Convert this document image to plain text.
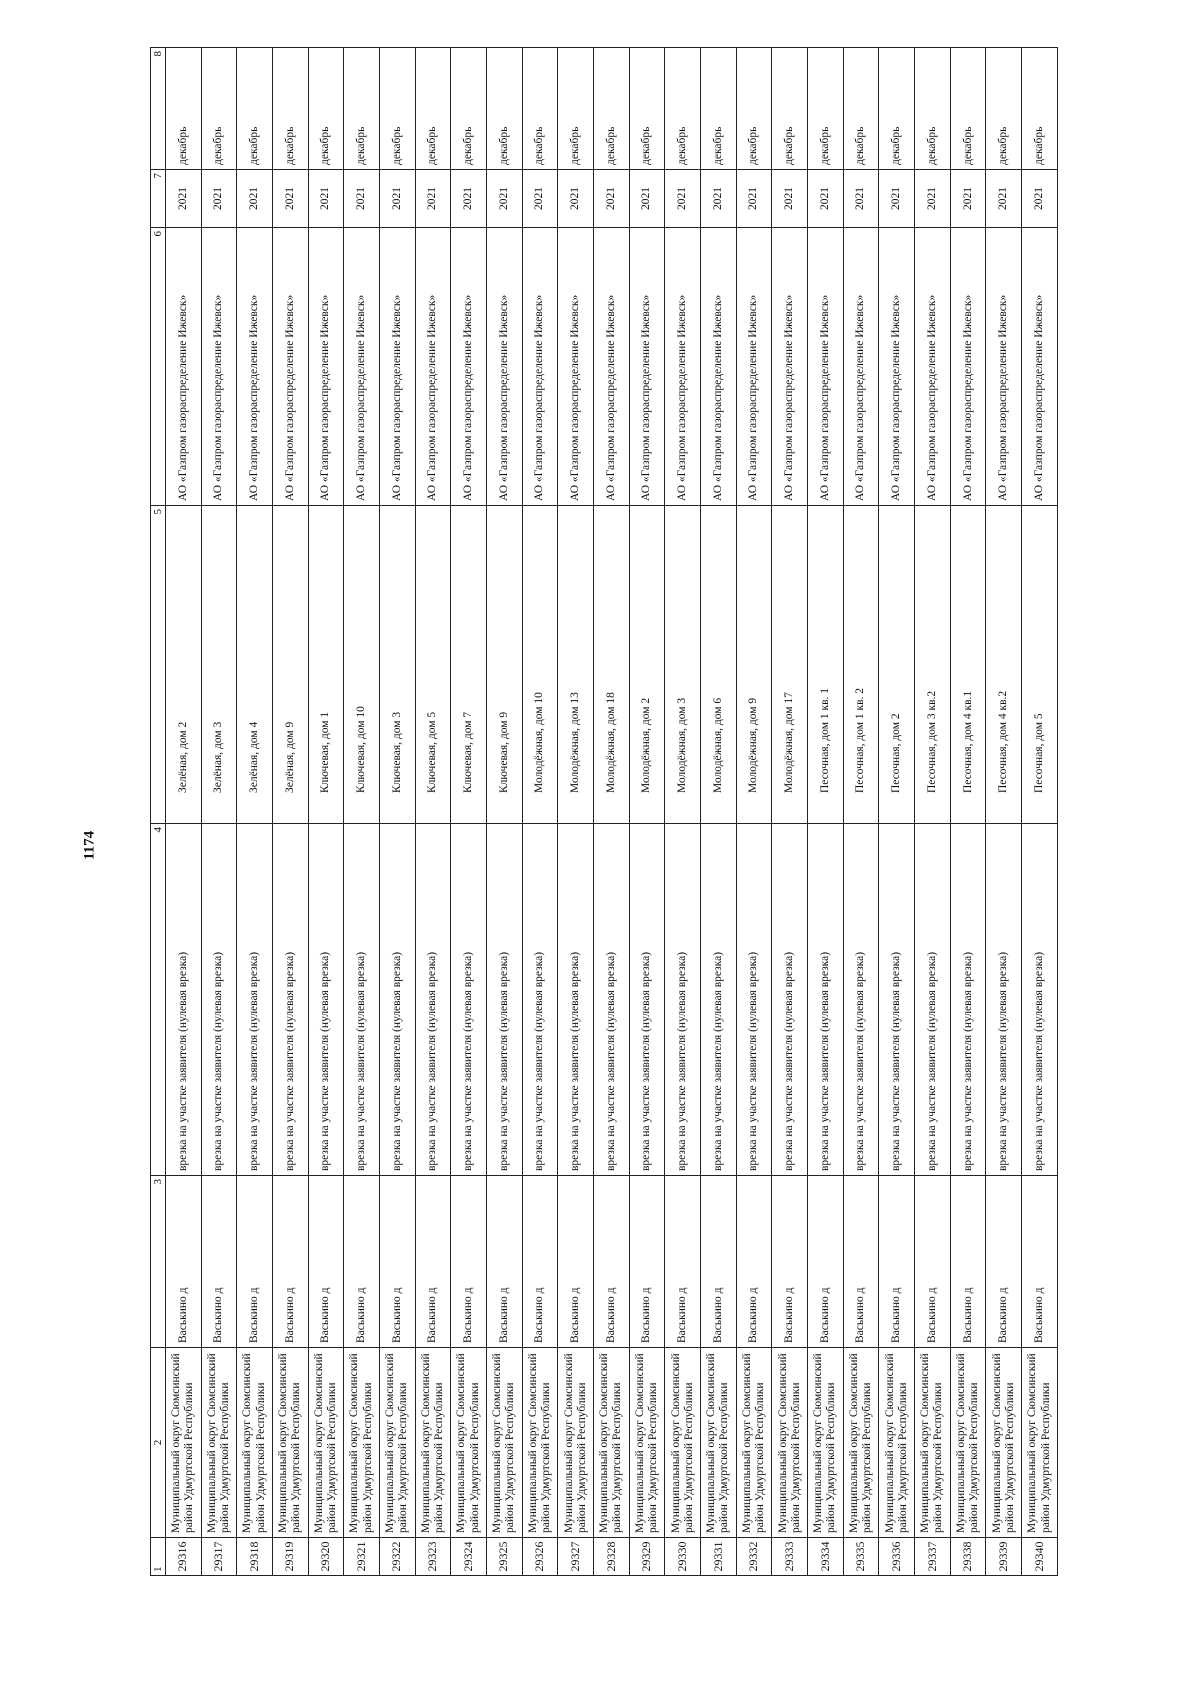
1174
1	2	3	4	5	6	7	8
29316	Муниципальный округ Сюмсинский район Удмуртской Республики	Васькино д	врезка на участке заявителя (нулевая врезка)	Зелёная, дом 2	АО «Газпром газораспределение Ижевск»	2021	декабрь
29317	Муниципальный округ Сюмсинский район Удмуртской Республики	Васькино д	врезка на участке заявителя (нулевая врезка)	Зелёная, дом 3	АО «Газпром газораспределение Ижевск»	2021	декабрь
29318	Муниципальный округ Сюмсинский район Удмуртской Республики	Васькино д	врезка на участке заявителя (нулевая врезка)	Зелёная, дом 4	АО «Газпром газораспределение Ижевск»	2021	декабрь
29319	Муниципальный округ Сюмсинский район Удмуртской Республики	Васькино д	врезка на участке заявителя (нулевая врезка)	Зелёная, дом 9	АО «Газпром газораспределение Ижевск»	2021	декабрь
29320	Муниципальный округ Сюмсинский район Удмуртской Республики	Васькино д	врезка на участке заявителя (нулевая врезка)	Ключевая, дом 1	АО «Газпром газораспределение Ижевск»	2021	декабрь
29321	Муниципальный округ Сюмсинский район Удмуртской Республики	Васькино д	врезка на участке заявителя (нулевая врезка)	Ключевая, дом 10	АО «Газпром газораспределение Ижевск»	2021	декабрь
29322	Муниципальный округ Сюмсинский район Удмуртской Республики	Васькино д	врезка на участке заявителя (нулевая врезка)	Ключевая, дом 3	АО «Газпром газораспределение Ижевск»	2021	декабрь
29323	Муниципальный округ Сюмсинский район Удмуртской Республики	Васькино д	врезка на участке заявителя (нулевая врезка)	Ключевая, дом 5	АО «Газпром газораспределение Ижевск»	2021	декабрь
29324	Муниципальный округ Сюмсинский район Удмуртской Республики	Васькино д	врезка на участке заявителя (нулевая врезка)	Ключевая, дом 7	АО «Газпром газораспределение Ижевск»	2021	декабрь
29325	Муниципальный округ Сюмсинский район Удмуртской Республики	Васькино д	врезка на участке заявителя (нулевая врезка)	Ключевая, дом 9	АО «Газпром газораспределение Ижевск»	2021	декабрь
29326	Муниципальный округ Сюмсинский район Удмуртской Республики	Васькино д	врезка на участке заявителя (нулевая врезка)	Молодёжная, дом 10	АО «Газпром газораспределение Ижевск»	2021	декабрь
29327	Муниципальный округ Сюмсинский район Удмуртской Республики	Васькино д	врезка на участке заявителя (нулевая врезка)	Молодёжная, дом 13	АО «Газпром газораспределение Ижевск»	2021	декабрь
29328	Муниципальный округ Сюмсинский район Удмуртской Республики	Васькино д	врезка на участке заявителя (нулевая врезка)	Молодёжная, дом 18	АО «Газпром газораспределение Ижевск»	2021	декабрь
29329	Муниципальный округ Сюмсинский район Удмуртской Республики	Васькино д	врезка на участке заявителя (нулевая врезка)	Молодёжная, дом 2	АО «Газпром газораспределение Ижевск»	2021	декабрь
29330	Муниципальный округ Сюмсинский район Удмуртской Республики	Васькино д	врезка на участке заявителя (нулевая врезка)	Молодёжная, дом 3	АО «Газпром газораспределение Ижевск»	2021	декабрь
29331	Муниципальный округ Сюмсинский район Удмуртской Республики	Васькино д	врезка на участке заявителя (нулевая врезка)	Молодёжная, дом 6	АО «Газпром газораспределение Ижевск»	2021	декабрь
29332	Муниципальный округ Сюмсинский район Удмуртской Республики	Васькино д	врезка на участке заявителя (нулевая врезка)	Молодёжная, дом 9	АО «Газпром газораспределение Ижевск»	2021	декабрь
29333	Муниципальный округ Сюмсинский район Удмуртской Республики	Васькино д	врезка на участке заявителя (нулевая врезка)	Молодёжная, дом 17	АО «Газпром газораспределение Ижевск»	2021	декабрь
29334	Муниципальный округ Сюмсинский район Удмуртской Республики	Васькино д	врезка на участке заявителя (нулевая врезка)	Песочная, дом 1 кв. 1	АО «Газпром газораспределение Ижевск»	2021	декабрь
29335	Муниципальный округ Сюмсинский район Удмуртской Республики	Васькино д	врезка на участке заявителя (нулевая врезка)	Песочная, дом 1 кв. 2	АО «Газпром газораспределение Ижевск»	2021	декабрь
29336	Муниципальный округ Сюмсинский район Удмуртской Республики	Васькино д	врезка на участке заявителя (нулевая врезка)	Песочная, дом 2	АО «Газпром газораспределение Ижевск»	2021	декабрь
29337	Муниципальный округ Сюмсинский район Удмуртской Республики	Васькино д	врезка на участке заявителя (нулевая врезка)	Песочная, дом 3 кв.2	АО «Газпром газораспределение Ижевск»	2021	декабрь
29338	Муниципальный округ Сюмсинский район Удмуртской Республики	Васькино д	врезка на участке заявителя (нулевая врезка)	Песочная, дом 4 кв.1	АО «Газпром газораспределение Ижевск»	2021	декабрь
29339	Муниципальный округ Сюмсинский район Удмуртской Республики	Васькино д	врезка на участке заявителя (нулевая врезка)	Песочная, дом 4 кв.2	АО «Газпром газораспределение Ижевск»	2021	декабрь
29340	Муниципальный округ Сюмсинский район Удмуртской Республики	Васькино д	врезка на участке заявителя (нулевая врезка)	Песочная, дом 5	АО «Газпром газораспределение Ижевск»	2021	декабрь
